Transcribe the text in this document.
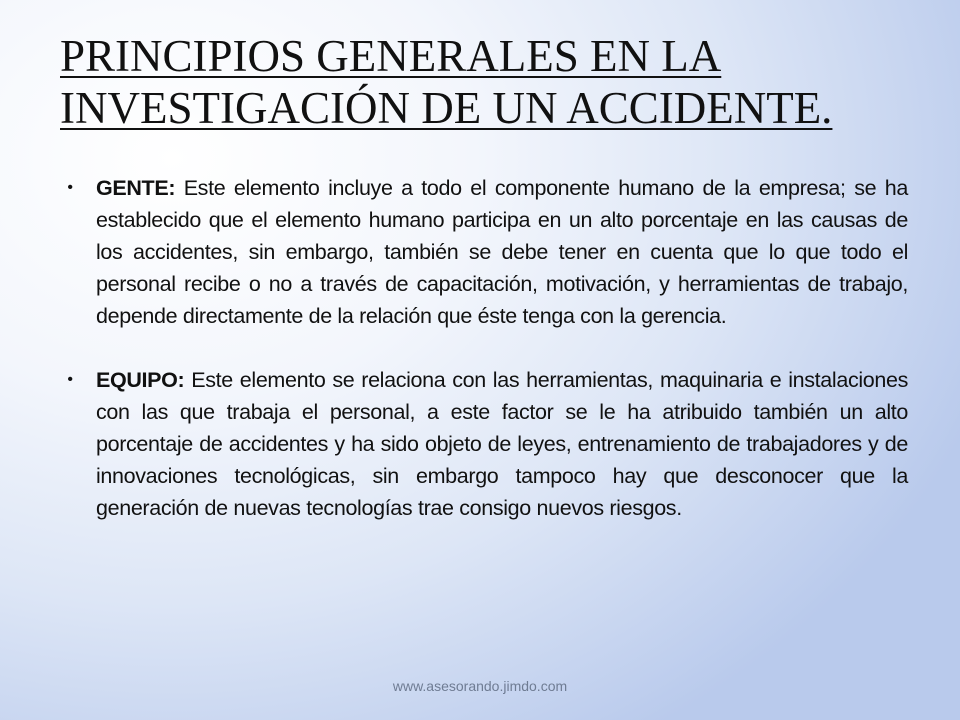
PRINCIPIOS GENERALES EN LA
INVESTIGACIÓN DE UN ACCIDENTE.
•	GENTE: Este elemento incluye a todo el componente humano de la empresa; se ha establecido que el elemento humano participa en un alto porcentaje en las causas de los accidentes, sin embargo, también se debe tener en cuenta que lo que todo el personal recibe o no a través de capacitación, motivación, y herramientas de trabajo, depende directamente de la relación que éste tenga con la gerencia.
•	EQUIPO: Este elemento se relaciona con las herramientas, maquinaria e instalaciones con las que trabaja el personal, a este factor se le ha atribuido también un alto porcentaje de accidentes y ha sido objeto de leyes, entrenamiento de trabajadores y de innovaciones tecnológicas, sin embargo tampoco hay que desconocer que la generación de nuevas tecnologías trae consigo nuevos riesgos.
www.asesorando.jimdo.com
